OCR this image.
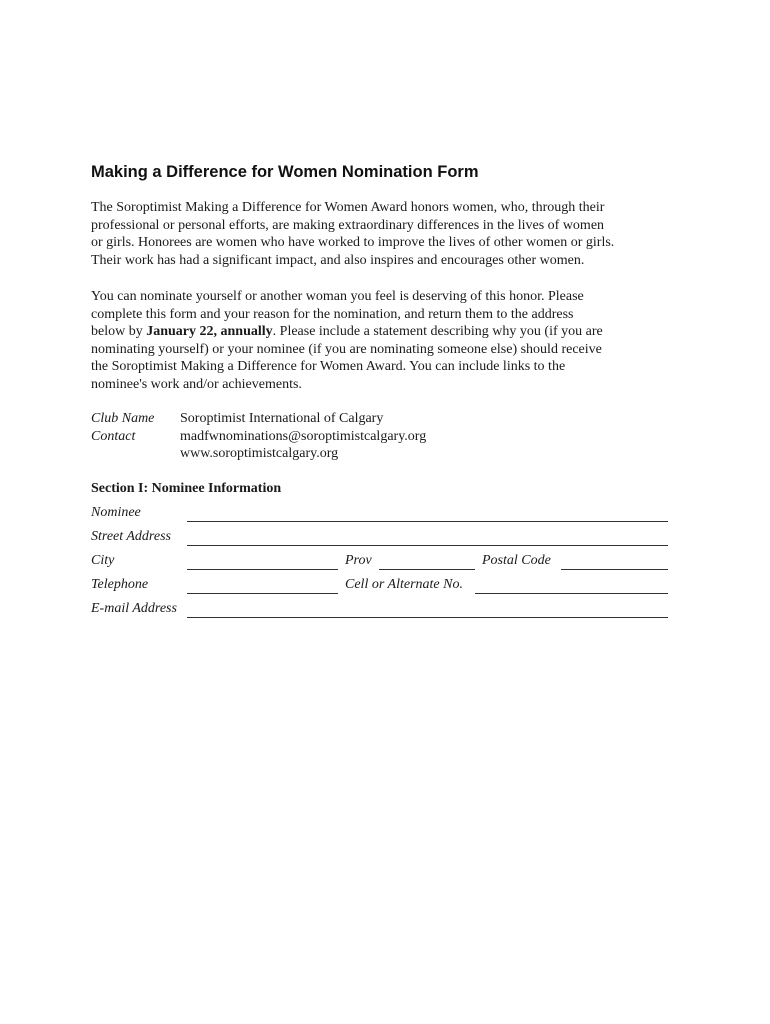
Making a Difference for Women Nomination Form
The Soroptimist Making a Difference for Women Award honors women, who, through their
professional or personal efforts, are making extraordinary differences in the lives of women
or girls. Honorees are women who have worked to improve the lives of other women or girls.
Their work has had a significant impact, and also inspires and encourages other women.
You can nominate yourself or another woman you feel is deserving of this honor. Please
complete this form and your reason for the nomination, and return them to the address
below by January 22, annually. Please include a statement describing why you (if you are
nominating yourself) or your nominee (if you are nominating someone else) should receive
the Soroptimist Making a Difference for Women Award. You can include links to the
nominee's work and/or achievements.
Club Name	Soroptimist International of Calgary
Contact	madfwnominations@soroptimistcalgary.org
www.soroptimistcalgary.org
Section I: Nominee Information
Nominee
Street Address
City	Prov	Postal Code
Telephone	Cell or Alternate No.
E-mail Address
